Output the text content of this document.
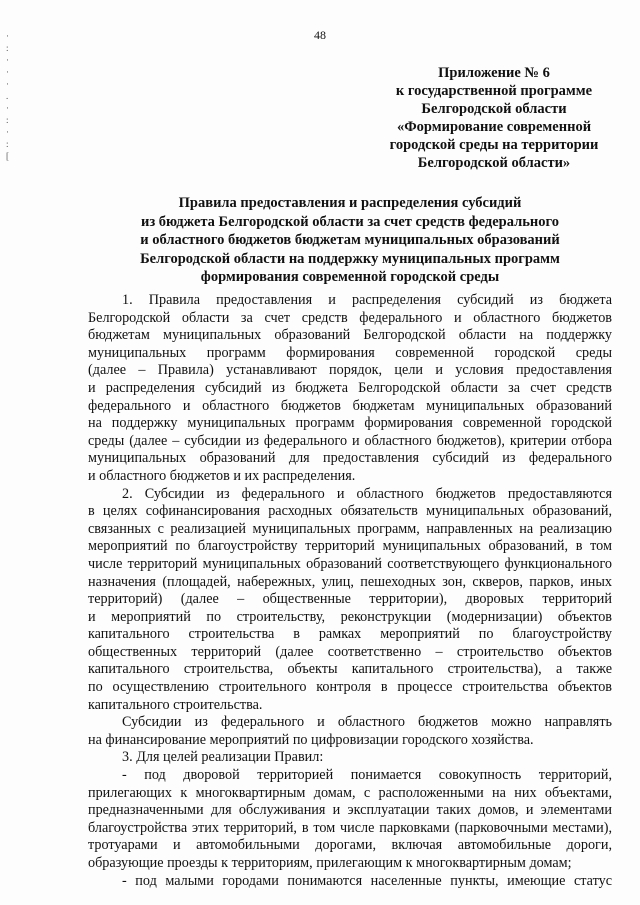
·
:
·
·
·
.
·
:
·
:
[
48
Приложение № 6
к государственной программе
Белгородской области
«Формирование современной
городской среды на территории
Белгородской области»
Правила предоставления и распределения субсидий
из бюджета Белгородской области за счет средств федерального
и областного бюджетов бюджетам муниципальных образований
Белгородской области на поддержку муниципальных программ
формирования современной городской среды
1. Правила предоставления и распределения субсидий из бюджета
Белгородской области за счет средств федерального и областного бюджетов
бюджетам муниципальных образований Белгородской области на поддержку
муниципальных программ формирования современной городской среды
(далее – Правила) устанавливают порядок, цели и условия предоставления
и распределения субсидий из бюджета Белгородской области за счет средств
федерального и областного бюджетов бюджетам муниципальных образований
на поддержку муниципальных программ формирования современной городской
среды (далее – субсидии из федерального и областного бюджетов), критерии отбора
муниципальных образований для предоставления субсидий из федерального
и областного бюджетов и их распределения.
2. Субсидии из федерального и областного бюджетов предоставляются
в целях софинансирования расходных обязательств муниципальных образований,
связанных с реализацией муниципальных программ, направленных на реализацию
мероприятий по благоустройству территорий муниципальных образований, в том
числе территорий муниципальных образований соответствующего функционального
назначения (площадей, набережных, улиц, пешеходных зон, скверов, парков, иных
территорий) (далее – общественные территории), дворовых территорий
и мероприятий по строительству, реконструкции (модернизации) объектов
капитального строительства в рамках мероприятий по благоустройству
общественных территорий (далее соответственно – строительство объектов
капитального строительства, объекты капитального строительства), а также
по осуществлению строительного контроля в процессе строительства объектов
капитального строительства.
Субсидии из федерального и областного бюджетов можно направлять
на финансирование мероприятий по цифровизации городского хозяйства.
3. Для целей реализации Правил:
- под дворовой территорией понимается совокупность территорий,
прилегающих к многоквартирным домам, с расположенными на них объектами,
предназначенными для обслуживания и эксплуатации таких домов, и элементами
благоустройства этих территорий, в том числе парковками (парковочными местами),
тротуарами и автомобильными дорогами, включая автомобильные дороги,
образующие проезды к территориям, прилегающим к многоквартирным домам;
- под малыми городами понимаются населенные пункты, имеющие статус
